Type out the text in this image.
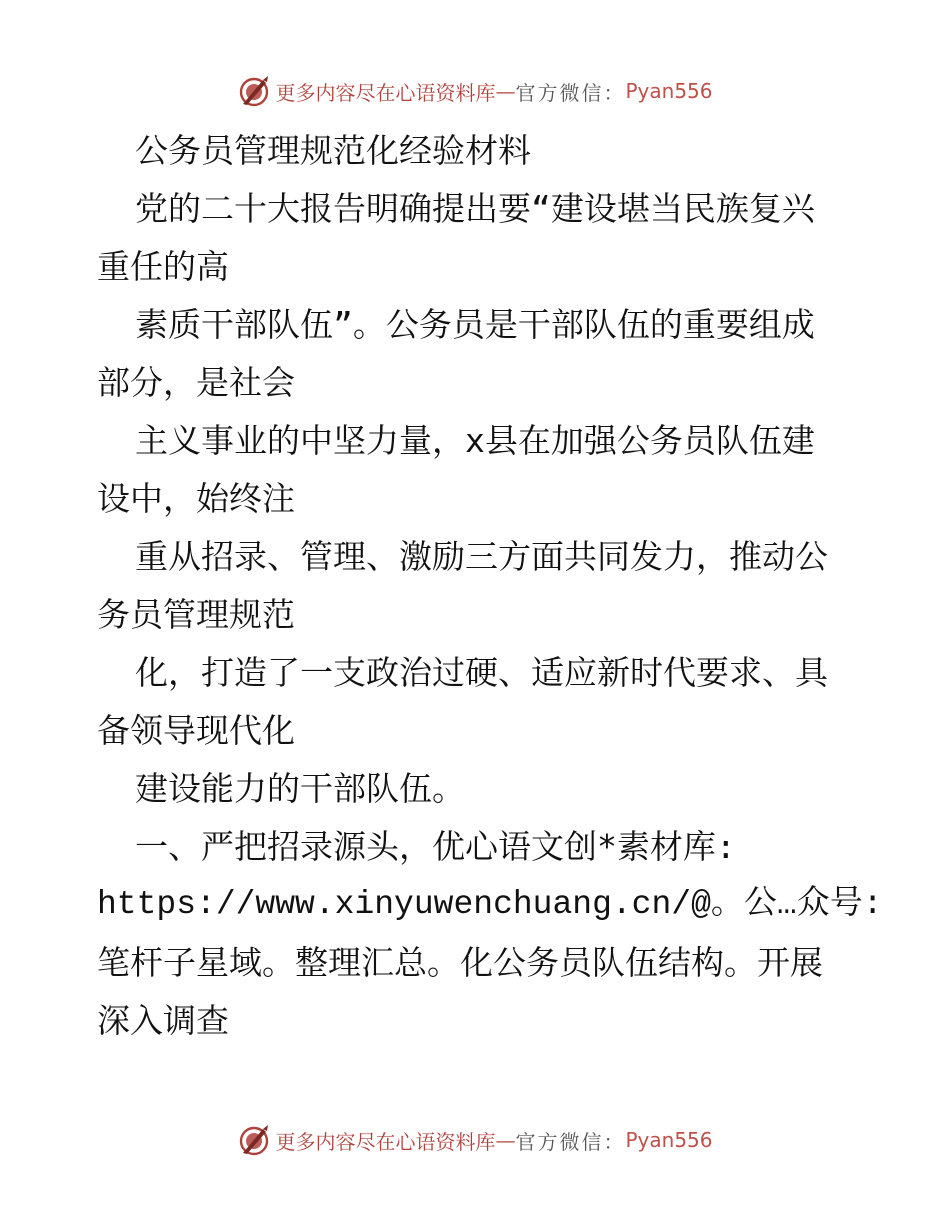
更多内容尽在心语资料库 — 官方微信： Pyan556
公务员管理规范化经验材料
党的二十大报告明确提出要“建设堪当民族复兴
重任的高
素质干部队伍”。公务员是干部队伍的重要组成
部分，是社会
主义事业的中坚力量，x县在加强公务员队伍建
设中，始终注
重从招录、管理、激励三方面共同发力，推动公
务员管理规范
化，打造了一支政治过硬、适应新时代要求、具
备领导现代化
建设能力的干部队伍。
一、严把招录源头，优心语文创*素材库:
https://www.xinyuwenchuang.cn/@。公…众号:
笔杆子星域。整理汇总。化公务员队伍结构。开展
深入调查
更多内容尽在心语资料库 — 官方微信： Pyan556
